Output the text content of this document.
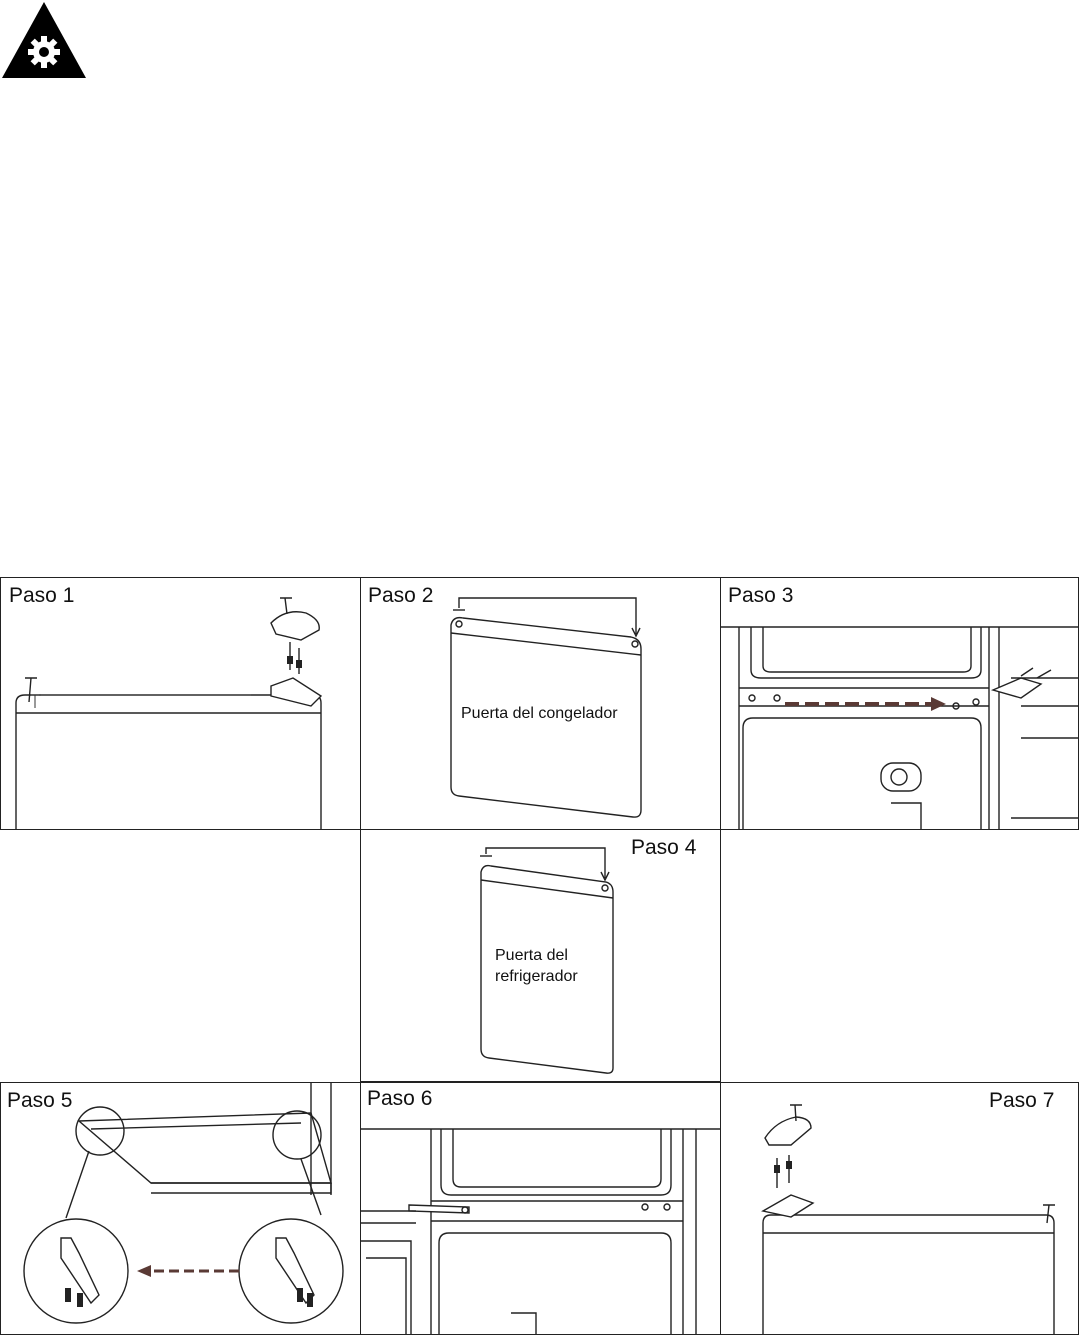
Paso 1	Paso 2
Puerta del congelador
Paso 3
Paso 4
Puerta del
refrigerador
Paso 5	Paso 6	Paso 7
